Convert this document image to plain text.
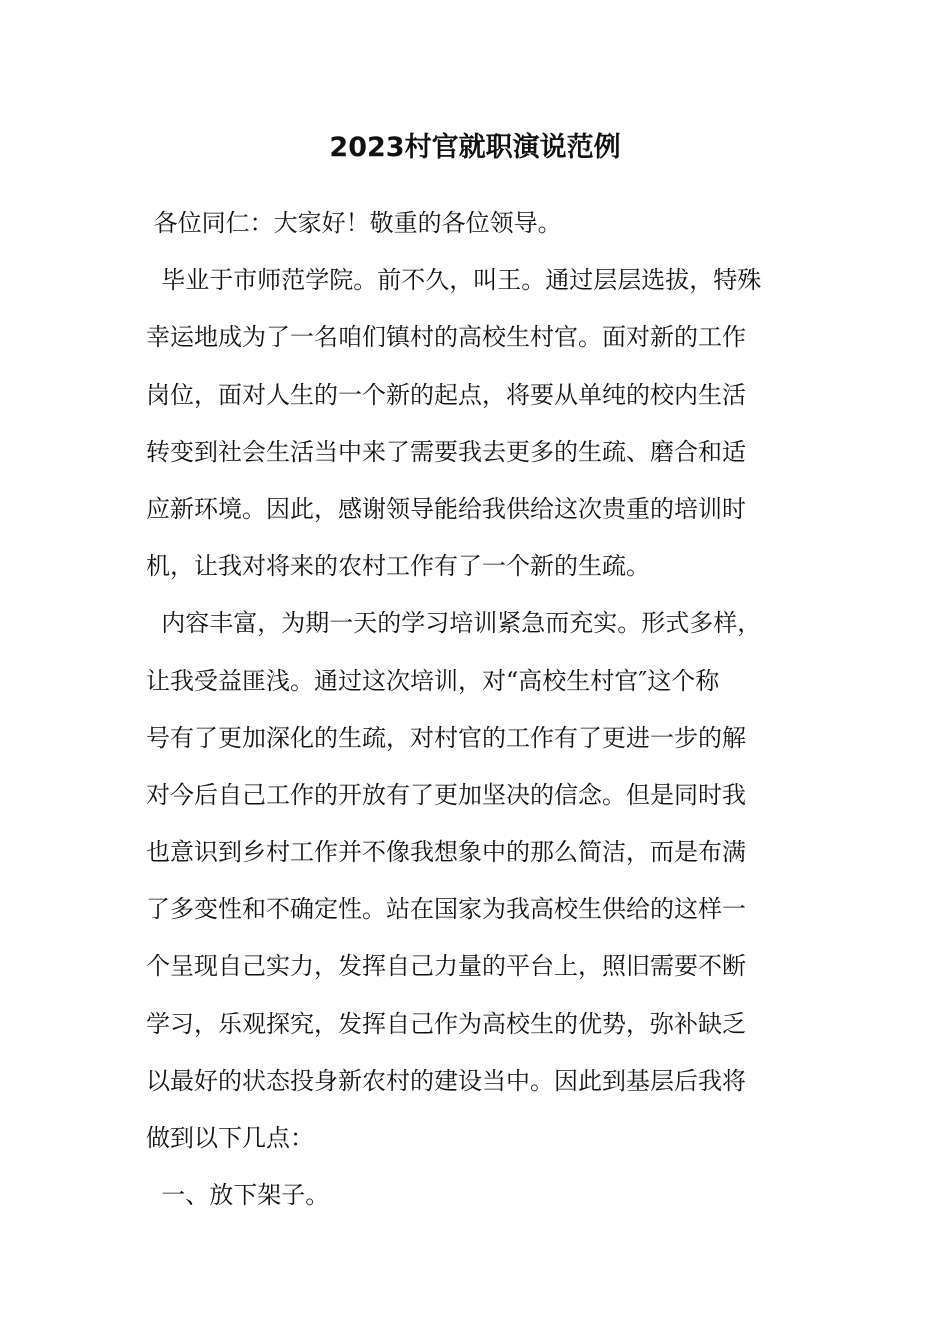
2023村官就职演说范例
各位同仁：大家好！敬重的各位领导。
毕业于市师范学院。前不久，叫王。通过层层选拔，特殊
幸运地成为了一名咱们镇村的高校生村官。面对新的工作
岗位，面对人生的一个新的起点，将要从单纯的校内生活
转变到社会生活当中来了需要我去更多的生疏、磨合和适
应新环境。因此，感谢领导能给我供给这次贵重的培训时
机，让我对将来的农村工作有了一个新的生疏。
内容丰富，为期一天的学习培训紧急而充实。形式多样，
让我受益匪浅。通过这次培训，对“高校生村官″这个称
号有了更加深化的生疏，对村官的工作有了更进一步的解
对今后自己工作的开放有了更加坚决的信念。但是同时我
也意识到乡村工作并不像我想象中的那么简洁，而是布满
了多变性和不确定性。站在国家为我高校生供给的这样一
个呈现自己实力，发挥自己力量的平台上，照旧需要不断
学习，乐观探究，发挥自己作为高校生的优势，弥补缺乏
以最好的状态投身新农村的建设当中。因此到基层后我将
做到以下几点：
一、放下架子。
